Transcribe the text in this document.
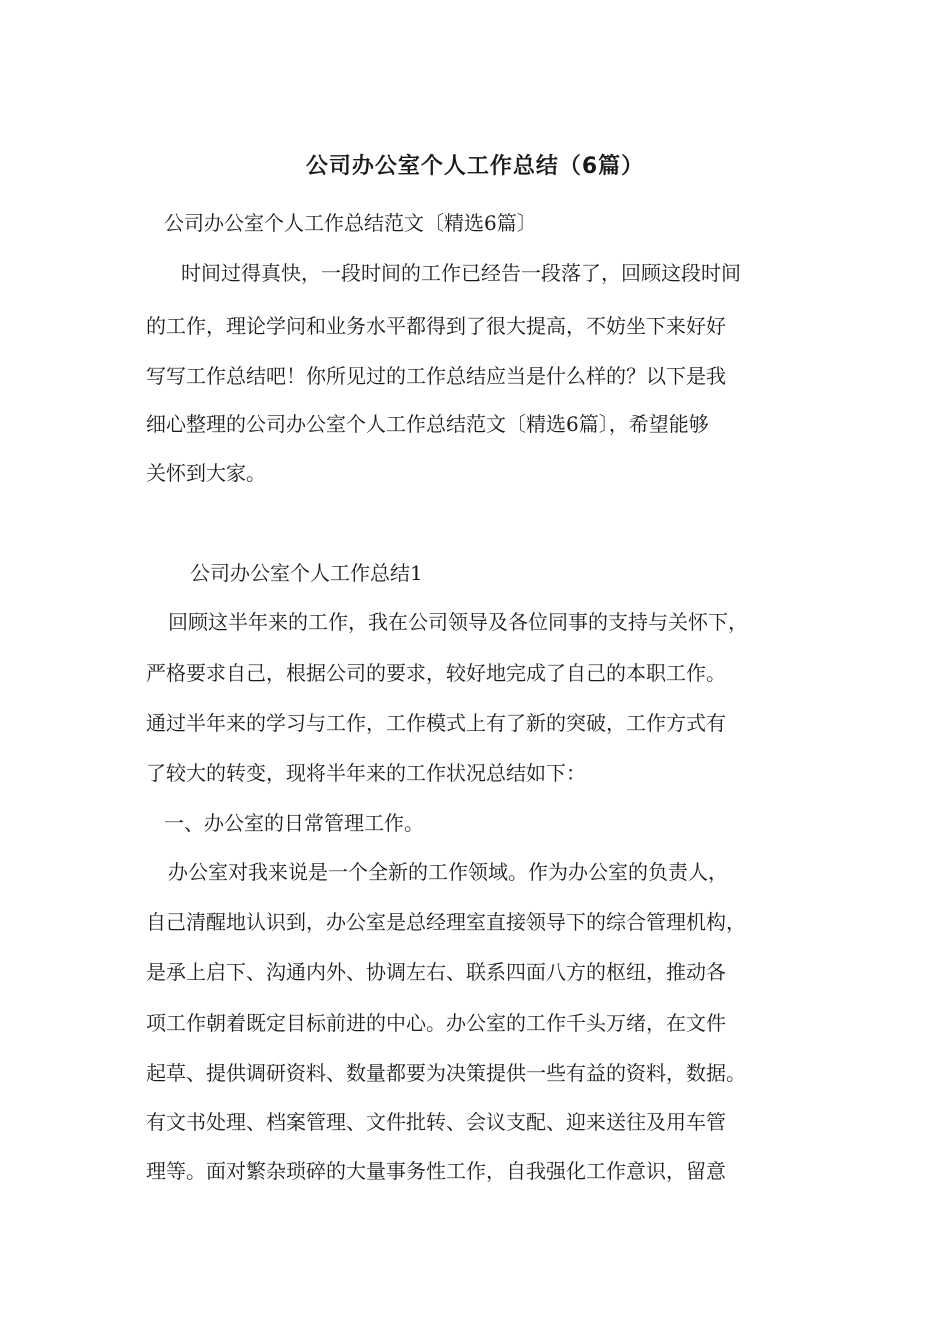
公司办公室个人工作总结（6篇）
公司办公室个人工作总结范文〔精选6篇〕
时间过得真快，一段时间的工作已经告一段落了，回顾这段时间
的工作，理论学问和业务水平都得到了很大提高，不妨坐下来好好
写写工作总结吧！你所见过的工作总结应当是什么样的？以下是我
细心整理的公司办公室个人工作总结范文〔精选6篇〕，希望能够
关怀到大家。
公司办公室个人工作总结1
回顾这半年来的工作，我在公司领导及各位同事的支持与关怀下，
严格要求自己，根据公司的要求，较好地完成了自己的本职工作。
通过半年来的学习与工作，工作模式上有了新的突破，工作方式有
了较大的转变，现将半年来的工作状况总结如下：
一、办公室的日常管理工作。
办公室对我来说是一个全新的工作领域。作为办公室的负责人，
自己清醒地认识到，办公室是总经理室直接领导下的综合管理机构，
是承上启下、沟通内外、协调左右、联系四面八方的枢纽，推动各
项工作朝着既定目标前进的中心。办公室的工作千头万绪，在文件
起草、提供调研资料、数量都要为决策提供一些有益的资料，数据。
有文书处理、档案管理、文件批转、会议支配、迎来送往及用车管
理等。面对繁杂琐碎的大量事务性工作，自我强化工作意识，留意
